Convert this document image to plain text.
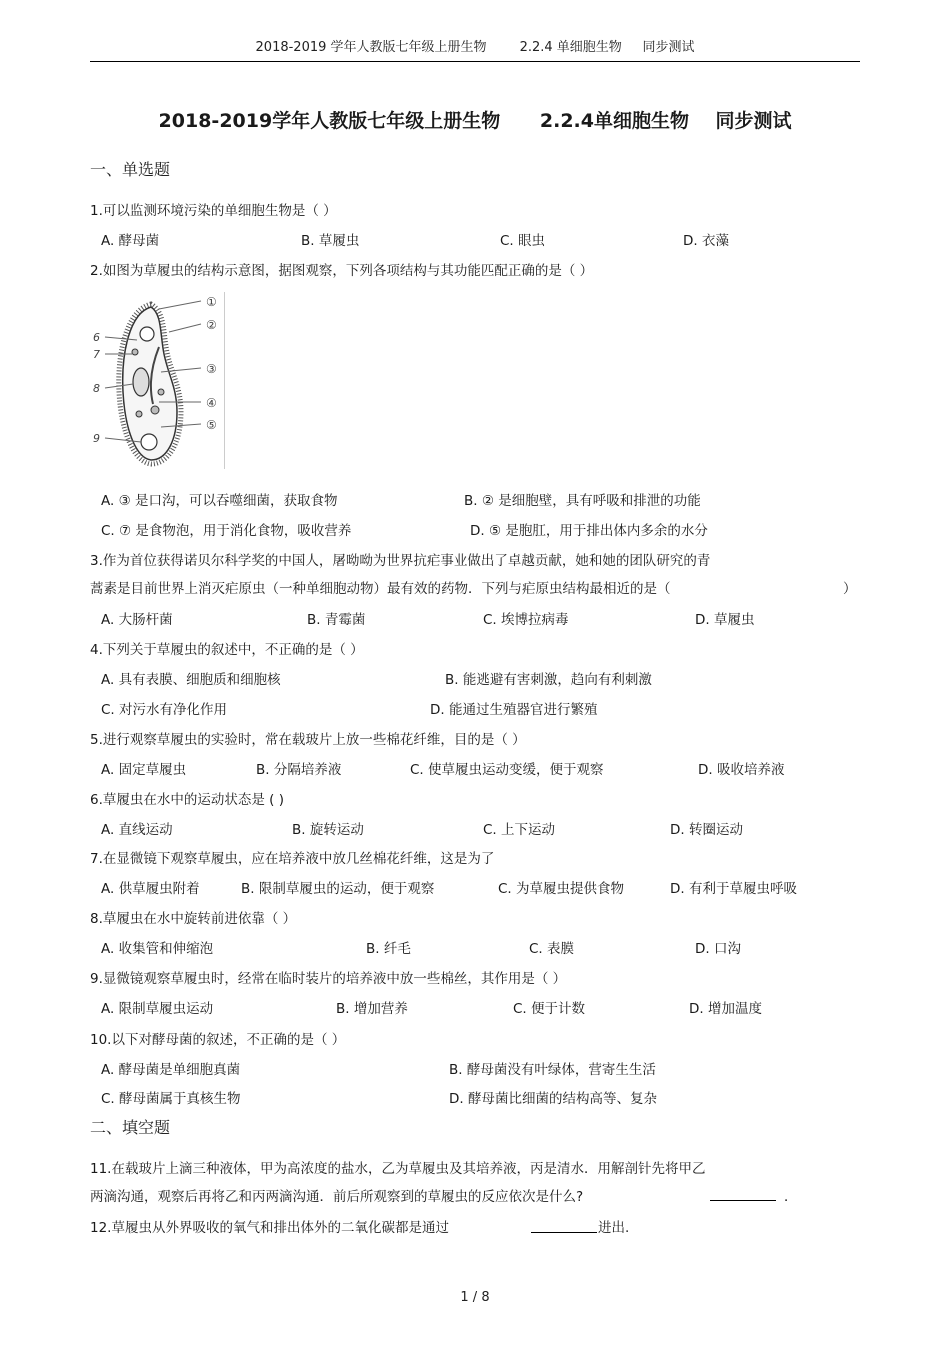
2018-2019 学年人教版七年级上册生物        2.2.4 单细胞生物     同步测试
2018-2019学年人教版七年级上册生物      2.2.4单细胞生物    同步测试
一、单选题
1.可以监测环境污染的单细胞生物是（ ）
A. 酵母菌	B. 草履虫	C. 眼虫	D. 衣藻
2.如图为草履虫的结构示意图，据图观察，下列各项结构与其功能匹配正确的是（ ）
①
②
③
④
⑤
6
7
8
9
A. ③ 是口沟，可以吞噬细菌，获取食物	B. ② 是细胞壁，具有呼吸和排泄的功能
C. ⑦ 是食物泡，用于消化食物，吸收营养	D. ⑤ 是胞肛，用于排出体内多余的水分
3.作为首位获得诺贝尔科学奖的中国人，屠呦呦为世界抗疟事业做出了卓越贡献，她和她的团队研究的青
蒿素是目前世界上消灭疟原虫（一种单细胞动物）最有效的药物．下列与疟原虫结构最相近的是（	）
A. 大肠杆菌	B. 青霉菌	C. 埃博拉病毒	D. 草履虫
4.下列关于草履虫的叙述中，不正确的是（ ）
A. 具有表膜、细胞质和细胞核	B. 能逃避有害刺激，趋向有利刺激
C. 对污水有净化作用	D. 能通过生殖器官进行繁殖
5.进行观察草履虫的实验时，常在载玻片上放一些棉花纤维，目的是（ ）
A. 固定草履虫	B. 分隔培养液	C. 使草履虫运动变缓，便于观察	D. 吸收培养液
6.草履虫在水中的运动状态是 ( )
A. 直线运动	B. 旋转运动	C. 上下运动	D. 转圈运动
7.在显微镜下观察草履虫，应在培养液中放几丝棉花纤维，这是为了
A. 供草履虫附着	B. 限制草履虫的运动，便于观察	C. 为草履虫提供食物	D. 有利于草履虫呼吸
8.草履虫在水中旋转前进依靠（ ）
A. 收集管和伸缩泡	B. 纤毛	C. 表膜	D. 口沟
9.显微镜观察草履虫时，经常在临时装片的培养液中放一些棉丝，其作用是（ ）
A. 限制草履虫运动	B. 增加营养	C. 便于计数	D. 增加温度
10.以下对酵母菌的叙述，不正确的是（ ）
A. 酵母菌是单细胞真菌	B. 酵母菌没有叶绿体，营寄生生活
C. 酵母菌属于真核生物	D. 酵母菌比细菌的结构高等、复杂
二、填空题
11.在载玻片上滴三种液体，甲为高浓度的盐水，乙为草履虫及其培养液，丙是清水．用解剖针先将甲乙
两滴沟通，观察后再将乙和丙两滴沟通．前后所观察到的草履虫的反应依次是什么?	．
12.草履虫从外界吸收的氧气和排出体外的二氧化碳都是通过	进出.
1 / 8
